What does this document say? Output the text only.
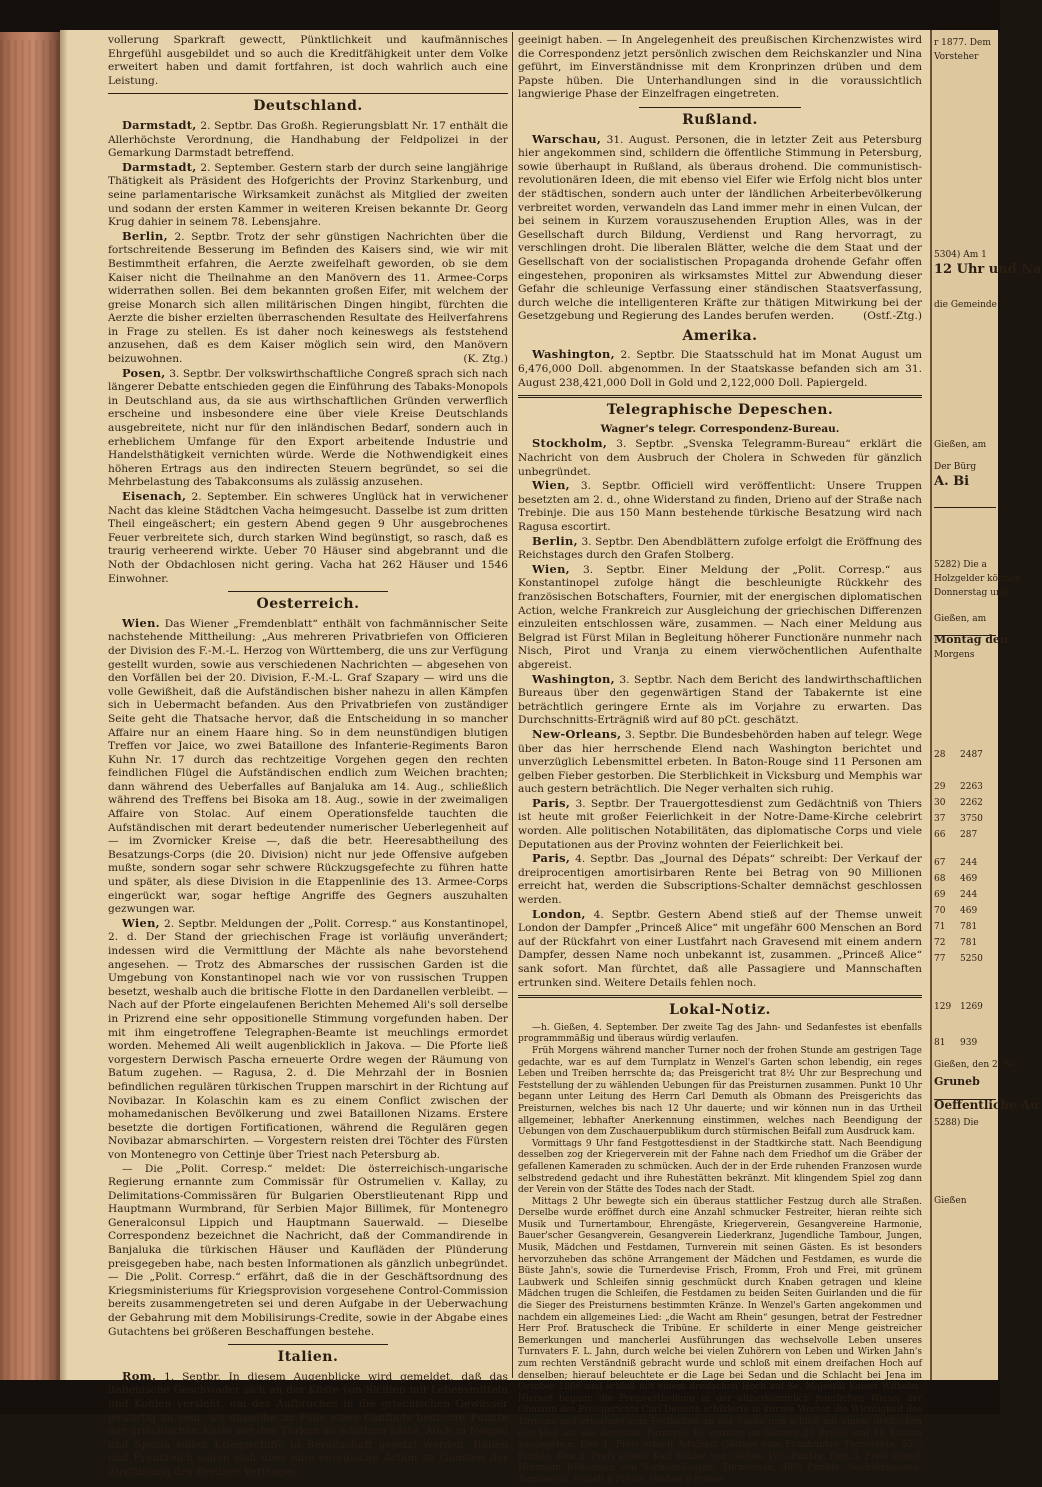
vollerung Sparkraft gewectt, Pünktlichkeit und kaufmännisches Ehrgefühl ausgebildet und so auch die Kreditfähigkeit unter dem Volke erweitert haben und damit fortfahren, ist doch wahrlich auch eine Leistung.

Deutschland.

Darmstadt, 2. Septbr. Das Großh. Regierungsblatt Nr. 17 enthält die Allerhöchste Verordnung, die Handhabung der Feldpolizei in der Gemarkung Darmstadt betreffend.

Darmstadt, 2. September. Gestern starb der durch seine langjährige Thätigkeit als Präsident des Hofgerichts der Provinz Starkenburg, und seine parlamentarische Wirksamkeit zunächst als Mitglied der zweiten und sodann der ersten Kammer in weiteren Kreisen bekannte Dr. Georg Krug dahier in seinem 78. Lebensjahre.

Berlin, 2. Septbr. Trotz der sehr günstigen Nachrichten über die fortschreitende Besserung im Befinden des Kaisers sind, wie wir mit Bestimmtheit erfahren, die Aerzte zweifelhaft geworden, ob sie dem Kaiser nicht die Theilnahme an den Manövern des 11. Armee-Corps widerrathen sollen. Bei dem bekannten großen Eifer, mit welchem der greise Monarch sich allen militärischen Dingen hingibt, fürchten die Aerzte die bisher erzielten überraschenden Resultate des Heilverfahrens in Frage zu stellen. Es ist daher noch keineswegs als feststehend anzusehen, daß es dem Kaiser möglich sein wird, den Manövern beizuwohnen.	(K. Ztg.)

Posen, 3. Septbr. Der volkswirthschaftliche Congreß sprach sich nach längerer Debatte entschieden gegen die Einführung des Tabaks-Monopols in Deutschland aus, da sie aus wirthschaftlichen Gründen verwerflich erscheine und insbesondere eine über viele Kreise Deutschlands ausgebreitete, nicht nur für den inländischen Bedarf, sondern auch in erheblichem Umfange für den Export arbeitende Industrie und Handelsthätigkeit vernichten würde. Werde die Nothwendigkeit eines höheren Ertrags aus den indirecten Steuern begründet, so sei die Mehrbelastung des Tabakconsums als zulässig anzusehen.

Eisenach, 2. September. Ein schweres Unglück hat in verwichener Nacht das kleine Städtchen Vacha heimgesucht. Dasselbe ist zum dritten Theil eingeäschert; ein gestern Abend gegen 9 Uhr ausgebrochenes Feuer verbreitete sich, durch starken Wind begünstigt, so rasch, daß es traurig verheerend wirkte. Ueber 70 Häuser sind abgebrannt und die Noth der Obdachlosen nicht gering. Vacha hat 262 Häuser und 1546 Einwohner.

Oesterreich.

Wien. Das Wiener „Fremdenblatt“ enthält von fachmännischer Seite nachstehende Mittheilung: „Aus mehreren Privatbriefen von Officieren der Division des F.-M.-L. Herzog von Württemberg, die uns zur Verfügung gestellt wurden, sowie aus verschiedenen Nachrichten — abgesehen von den Vorfällen bei der 20. Division, F.-M.-L. Graf Szapary — wird uns die volle Gewißheit, daß die Aufständischen bisher nahezu in allen Kämpfen sich in Uebermacht befanden. Aus den Privatbriefen von zuständiger Seite geht die Thatsache hervor, daß die Entscheidung in so mancher Affaire nur an einem Haare hing. So in dem neunstündigen blutigen Treffen vor Jaice, wo zwei Bataillone des Infanterie-Regiments Baron Kuhn Nr. 17 durch das rechtzeitige Vorgehen gegen den rechten feindlichen Flügel die Aufständischen endlich zum Weichen brachten; dann während des Ueberfalles auf Banjaluka am 14. Aug., schließlich während des Treffens bei Bisoka am 18. Aug., sowie in der zweimaligen Affaire von Stolac. Auf einem Operationsfelde tauchten die Aufständischen mit derart bedeutender numerischer Ueberlegenheit auf — im Zvornicker Kreise —, daß die betr. Heeresabtheilung des Besatzungs-Corps (die 20. Division) nicht nur jede Offensive aufgeben mußte, sondern sogar sehr schwere Rückzugsgefechte zu führen hatte und später, als diese Division in die Etappenlinie des 13. Armee-Corps eingerückt war, sogar heftige Angriffe des Gegners auszuhalten gezwungen war.

Wien, 2. Septbr. Meldungen der „Polit. Corresp.“ aus Konstantinopel, 2. d. Der Stand der griechischen Frage ist vorläufig unverändert; indessen wird die Vermittlung der Mächte als nahe bevorstehend angesehen. — Trotz des Abmarsches der russischen Garden ist die Umgebung von Konstantinopel nach wie vor von russischen Truppen besetzt, weshalb auch die britische Flotte in den Dardanellen verbleibt. — Nach auf der Pforte eingelaufenen Berichten Mehemed Ali's soll derselbe in Prizrend eine sehr oppositionelle Stimmung vorgefunden haben. Der mit ihm eingetroffene Telegraphen-Beamte ist meuchlings ermordet worden. Mehemed Ali weilt augenblicklich in Jakova. — Die Pforte ließ vorgestern Derwisch Pascha erneuerte Ordre wegen der Räumung von Batum zugehen. — Ragusa, 2. d. Die Mehrzahl der in Bosnien befindlichen regulären türkischen Truppen marschirt in der Richtung auf Novibazar. In Kolaschin kam es zu einem Conflict zwischen der mohamedanischen Bevölkerung und zwei Bataillonen Nizams. Erstere besetzte die dortigen Fortificationen, während die Regulären gegen Novibazar abmarschirten. — Vorgestern reisten drei Töchter des Fürsten von Montenegro von Cettinje über Triest nach Petersburg ab.

— Die „Polit. Corresp.“ meldet: Die österreichisch-ungarische Regierung ernannte zum Commissär für Ostrumelien v. Kallay, zu Delimitations-Commissären für Bulgarien Oberstlieutenant Ripp und Hauptmann Wurmbrand, für Serbien Major Billimek, für Montenegro Generalconsul Lippich und Hauptmann Sauerwald. — Dieselbe Correspondenz bezeichnet die Nachricht, daß der Commandirende in Banjaluka die türkischen Häuser und Kaufläden der Plünderung preisgegeben habe, nach besten Informationen als gänzlich unbegründet. — Die „Polit. Corresp.“ erfährt, daß die in der Geschäftsordnung des Kriegsministeriums für Kriegsprovision vorgesehene Control-Commission bereits zusammengetreten sei und deren Aufgabe in der Ueberwachung der Gebahrung mit dem Mobilisirungs-Credite, sowie in der Abgabe eines Gutachtens bei größeren Beschaffungen bestehe.

Italien.

Rom, 1. Septbr. In diesem Augenblicke wird gemeldet, daß das italienische Geschwader sich an der Küste von Sicilien mit Lebensmitteln und Kohlen versieht, um des Aufbruches in die griechischen Gewässer gewärtig zu sein, wo dasselbe im Falle eines Conflicts bedrohte Punkte der griechischen Küste vor den Türken zu schützen hätte. Auch in Neapel und Spezia sollen Kriegsschiffe in Bereitschaft gesetzt werden. Italien und Frankreich sollen sich über eine energische Action zu Gunsten der Ausführung des Berliner Vertrages

geeinigt haben. — In Angelegenheit des preußischen Kirchenzwistes wird die Correspondenz jetzt persönlich zwischen dem Reichskanzler und Nina geführt, im Einverständnisse mit dem Kronprinzen drüben und dem Papste hüben. Die Unterhandlungen sind in die voraussichtlich langwierige Phase der Einzelfragen eingetreten.

Rußland.

Warschau, 31. August. Personen, die in letzter Zeit aus Petersburg hier angekommen sind, schildern die öffentliche Stimmung in Petersburg, sowie überhaupt in Rußland, als überaus drohend. Die communistisch-revolutionären Ideen, die mit ebenso viel Eifer wie Erfolg nicht blos unter der städtischen, sondern auch unter der ländlichen Arbeiterbevölkerung verbreitet worden, verwandeln das Land immer mehr in einen Vulcan, der bei seinem in Kurzem vorauszusehenden Eruption Alles, was in der Gesellschaft durch Bildung, Verdienst und Rang hervorragt, zu verschlingen droht. Die liberalen Blätter, welche die dem Staat und der Gesellschaft von der socialistischen Propaganda drohende Gefahr offen eingestehen, proponiren als wirksamstes Mittel zur Abwendung dieser Gefahr die schleunige Verfassung einer ständischen Staatsverfassung, durch welche die intelligenteren Kräfte zur thätigen Mitwirkung bei der Gesetzgebung und Regierung des Landes berufen werden.	(Ostf.-Ztg.)

Amerika.

Washington, 2. Septbr. Die Staatsschuld hat im Monat August um 6,476,000 Doll. abgenommen. In der Staatskasse befanden sich am 31. August 238,421,000 Doll in Gold und 2,122,000 Doll. Papiergeld.

Telegraphische Depeschen.
Wagner's telegr. Correspondenz-Bureau.

Stockholm, 3. Septbr. „Svenska Telegramm-Bureau“ erklärt die Nachricht von dem Ausbruch der Cholera in Schweden für gänzlich unbegründet.

Wien, 3. Septbr. Officiell wird veröffentlicht: Unsere Truppen besetzten am 2. d., ohne Widerstand zu finden, Drieno auf der Straße nach Trebinje. Die aus 150 Mann bestehende türkische Besatzung wird nach Ragusa escortirt.

Berlin, 3. Septbr. Den Abendblättern zufolge erfolgt die Eröffnung des Reichstages durch den Grafen Stolberg.

Wien, 3. Septbr. Einer Meldung der „Polit. Corresp.“ aus Konstantinopel zufolge hängt die beschleunigte Rückkehr des französischen Botschafters, Fournier, mit der energischen diplomatischen Action, welche Frankreich zur Ausgleichung der griechischen Differenzen einzuleiten entschlossen wäre, zusammen. — Nach einer Meldung aus Belgrad ist Fürst Milan in Begleitung höherer Functionäre nunmehr nach Nisch, Pirot und Vranja zu einem vierwöchentlichen Aufenthalte abgereist.

Washington, 3. Septbr. Nach dem Bericht des landwirthschaftlichen Bureaus über den gegenwärtigen Stand der Tabakernte ist eine beträchtlich geringere Ernte als im Vorjahre zu erwarten. Das Durchschnitts-Erträgniß wird auf 80 pCt. geschätzt.

New-Orleans, 3. Septbr. Die Bundesbehörden haben auf telegr. Wege über das hier herrschende Elend nach Washington berichtet und unverzüglich Lebensmittel erbeten. In Baton-Rouge sind 11 Personen am gelben Fieber gestorben. Die Sterblichkeit in Vicksburg und Memphis war auch gestern beträchtlich. Die Neger verhalten sich ruhig.

Paris, 3. Septbr. Der Trauergottesdienst zum Gedächtniß von Thiers ist heute mit großer Feierlichkeit in der Notre-Dame-Kirche celebrirt worden. Alle politischen Notabilitäten, das diplomatische Corps und viele Deputationen aus der Provinz wohnten der Feierlichkeit bei.

Paris, 4. Septbr. Das „Journal des Dépats“ schreibt: Der Verkauf der dreiprocentigen amortisirbaren Rente bei Betrag von 90 Millionen erreicht hat, werden die Subscriptions-Schalter demnächst geschlossen werden.

London, 4. Septbr. Gestern Abend stieß auf der Themse unweit London der Dampfer „Princeß Alice“ mit ungefähr 600 Menschen an Bord auf der Rückfahrt von einer Lustfahrt nach Gravesend mit einem andern Dampfer, dessen Name noch unbekannt ist, zusammen. „Princeß Alice“ sank sofort. Man fürchtet, daß alle Passagiere und Mannschaften ertrunken sind. Weitere Details fehlen noch.

Lokal-Notiz.

—h. Gießen, 4. September. Der zweite Tag des Jahn- und Sedanfestes ist ebenfalls programmmäßig und überaus würdig verlaufen.

Früh Morgens während mancher Turner noch der frohen Stunde am gestrigen Tage gedachte, war es auf dem Turnplatz in Wenzel's Garten schon lebendig, ein reges Leben und Treiben herrschte da; das Preisgericht trat 8½ Uhr zur Besprechung und Feststellung der zu wählenden Uebungen für das Preisturnen zusammen. Punkt 10 Uhr begann unter Leitung des Herrn Carl Demuth als Obmann des Preisgerichts das Preisturnen, welches bis nach 12 Uhr dauerte; und wir können nun in das Urtheil allgemeiner, lebhafter Anerkennung einstimmen, welches nach Beendigung der Uebungen von dem Zuschauerpublikum durch stürmischen Beifall zum Ausdruck kam.

Vormittags 9 Uhr fand Festgottesdienst in der Stadtkirche statt. Nach Beendigung desselben zog der Kriegerverein mit der Fahne nach dem Friedhof um die Gräber der gefallenen Kameraden zu schmücken. Auch der in der Erde ruhenden Franzosen wurde selbstredend gedacht und ihre Ruhestätten bekränzt. Mit klingendem Spiel zog dann der Verein von der Stätte des Todes nach der Stadt.

Mittags 2 Uhr bewegte sich ein überaus stattlicher Festzug durch alle Straßen. Derselbe wurde eröffnet durch eine Anzahl schmucker Festreiter, hieran reihte sich Musik und Turnertambour, Ehrengäste, Kriegerverein, Gesangvereine Harmonie, Bauer'scher Gesangverein, Gesangverein Liederkranz, Jugendliche Tambour, Jungen, Musik, Mädchen und Festdamen, Turnverein mit seinen Gästen. Es ist besonders hervorzuheben das schöne Arrangement der Mädchen und Festdamen, es wurde die Büste Jahn's, sowie die Turnerdevise Frisch, Fromm, Froh und Frei, mit grünem Laubwerk und Schleifen sinnig geschmückt durch Knaben getragen und kleine Mädchen trugen die Schleifen, die Festdamen zu beiden Seiten Guirlanden und die für die Sieger des Preisturnens bestimmten Kränze. In Wenzel's Garten angekommen und nachdem ein allgemeines Lied: „die Wacht am Rhein“ gesungen, betrat der Festredner Herr Prof. Bratuscheck die Tribüne. Er schilderte in einer Menge geistreicher Bemerkungen und mancherlei Ausführungen das wechselvolle Leben unseres Turnvaters F. L. Jahn, durch welche bei vielen Zuhörern von Leben und Wirken Jahn's zum rechten Verständniß gebracht wurde und schloß mit einem dreifachen Hoch auf denselben; hierauf beleuchtete er die Lage bei Sedan und die Schlacht bei Jena im October 1806 und schloß mit einem dreifachen Hoch auf Se. Majestät Kaiser Wilhelm. Hierauf begann die Preisvertheilung in der altherkömmlich feierlichen Weise; der Obmann des Preisgerichts Carl Demuth schilderte in kurzen Worten die Wichtigkeit des Turnens und ermahnte zum Festhalten an der Sache und schloß mit einem dreifachen Gut Heil auf die deutsche Turnerei. Es wurden im Ganzen 25 Preise und 18 Kränze ausgegeben. Den 1. Preis erhielt Adalbert Gärtner vom Frankfurter Turnverein, 53⅓ Punkte. Den 2. Preis erhielt Karl Köhler von Gießen 49⅓ Punkte. Den 3. Preis erhielt Hermann Rühsamen von Sachsenhausen, Turnverein, 48⅓ Punkte. Sachsenhausen, Turnverein, erhielt 8 Preise, Gießen 6 Preise,

r 1877. Dem
Vorsteher
5304) Am 1
12 Uhr und Na
die Gemeinde
Gießen, am
Der Bürg
A. Bi
5282) Die a
Holzgelder können
Donnerstag und
Gießen, am
Montag den
Morgens
28 2487
29 2263
30 2262
37 3750
66 287
67 244
68 469
69 244
70 469
71 781
72 781
77 5250
129 1269
81 939
Gießen, den 2. Se
Gruneb
Oeffentliche Au
5288) Die
Gießen
